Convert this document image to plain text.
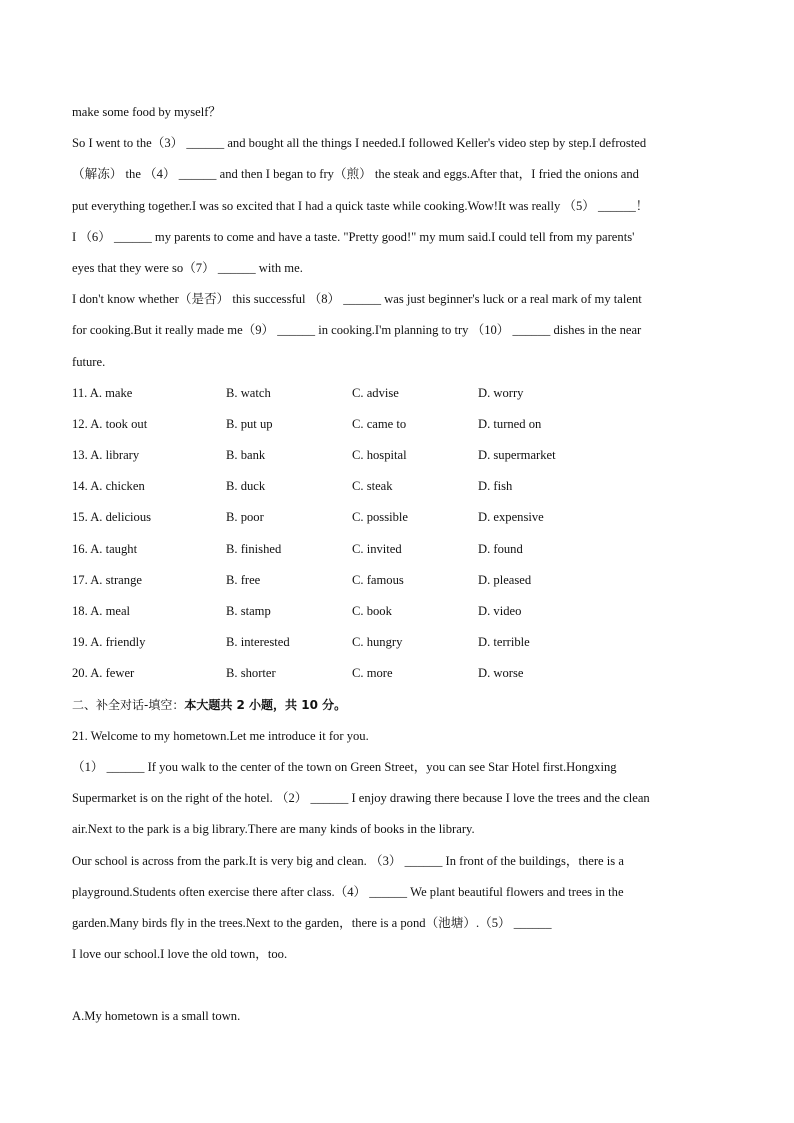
make some food by myself？
So I went to the（3） ______ and bought all the things I needed.I followed Keller's video step by step.I defrosted
（解冻） the （4） ______ and then I began to fry（煎） the steak and eggs.After that，I fried the onions and
put everything together.I was so excited that I had a quick taste while cooking.Wow!It was really （5） ______！
I （6） ______ my parents to come and have a taste. "Pretty good!" my mum said.I could tell from my parents'
eyes that they were so（7） ______ with me.
I don't know whether（是否） this successful （8） ______ was just beginner's luck or a real mark of my talent
for cooking.But it really made me（9） ______ in cooking.I'm planning to try （10） ______ dishes in the near
future.
11. A. make	B. watch	C. advise	D. worry
12. A. took out	B. put up	C. came to	D. turned on
13. A. library	B. bank	C. hospital	D. supermarket
14. A. chicken	B. duck	C. steak	D. fish
15. A. delicious	B. poor	C. possible	D. expensive
16. A. taught	B. finished	C. invited	D. found
17. A. strange	B. free	C. famous	D. pleased
18. A. meal	B. stamp	C. book	D. video
19. A. friendly	B. interested	C. hungry	D. terrible
20. A. fewer	B. shorter	C. more	D. worse
二、补全对话-填空：本大题共 2 小题，共 10 分。
21. Welcome to my hometown.Let me introduce it for you.
（1） ______ If you walk to the center of the town on Green Street，you can see Star Hotel first.Hongxing
Supermarket is on the right of the hotel. （2） ______ I enjoy drawing there because I love the trees and the clean
air.Next to the park is a big library.There are many kinds of books in the library.
Our school is across from the park.It is very big and clean. （3） ______ In front of the buildings，there is a
playground.Students often exercise there after class.（4） ______ We plant beautiful flowers and trees in the
garden.Many birds fly in the trees.Next to the garden，there is a pond（池塘）.（5） ______
I love our school.I love the old town，too.
A.My hometown is a small town.
